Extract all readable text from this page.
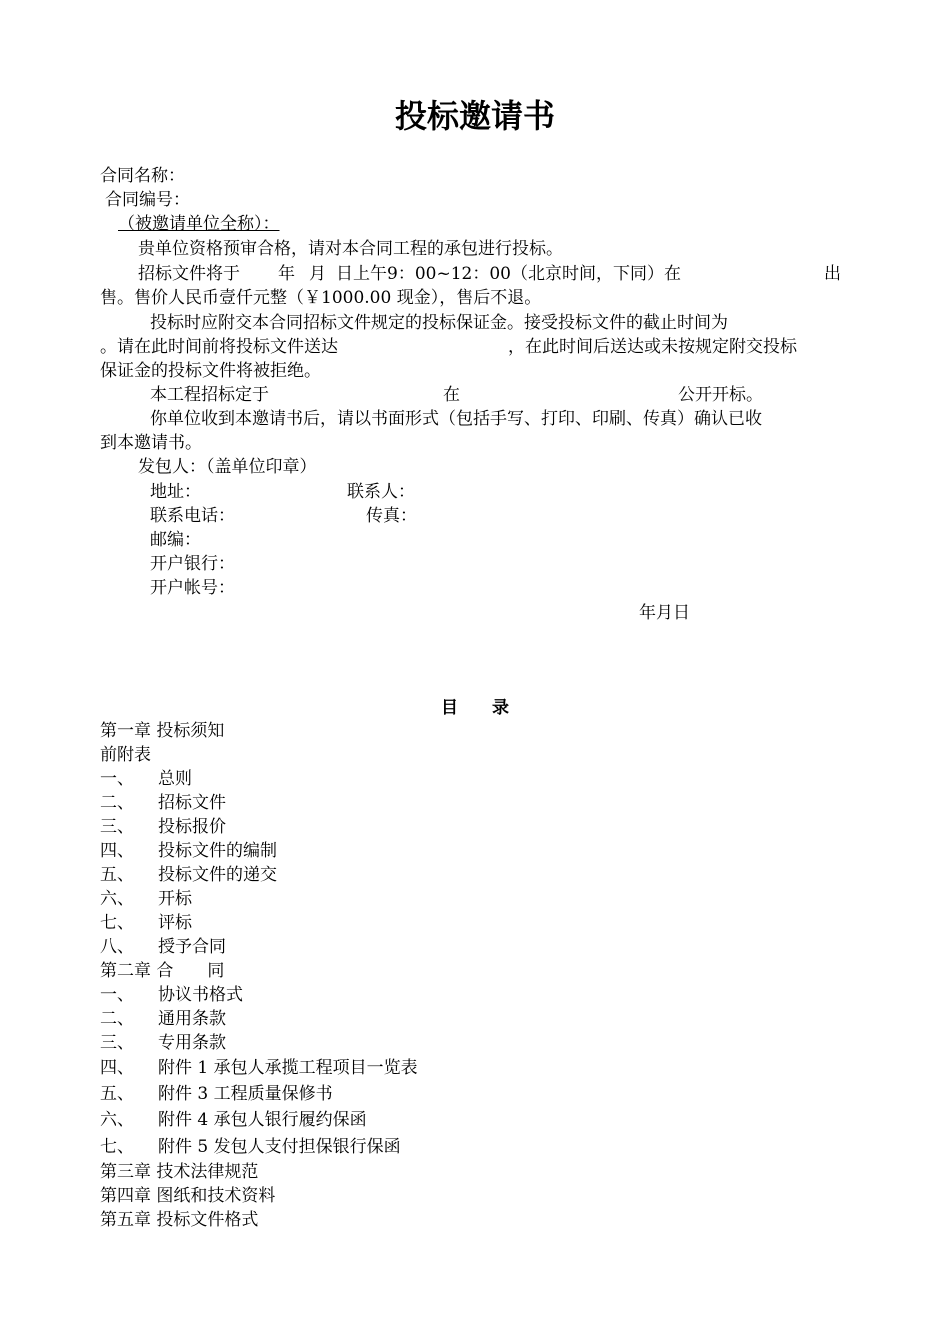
投标邀请书
合同名称：
合同编号：
（被邀请单位全称）：
贵单位资格预审合格，请对本合同工程的承包进行投标。
招标文件将于 年 月 日上午9：00~12：00（北京时间，下同）在	出
售。售价人民币壹仟元整（￥1000.00 现金），售后不退。
投标时应附交本合同招标文件规定的投标保证金。接受投标文件的截止时间为
。请在此时间前将投标文件送达	，在此时间后送达或未按规定附交投标
保证金的投标文件将被拒绝。
本工程招标定于	在	公开开标。
你单位收到本邀请书后，请以书面形式（包括手写、打印、印刷、传真）确认已收
到本邀请书。
发包人：（盖单位印章）
地址：	联系人：
联系电话：	传真：
邮编：
开户银行：
开户帐号：
年月日
目　　录
第一章 投标须知
前附表
一、 总则
二、 招标文件
三、 投标报价
四、 投标文件的编制
五、 投标文件的递交
六、 开标
七、 评标
八、 授予合同
第二章 合　　同
一、 协议书格式
二、 通用条款
三、 专用条款
四、 附件 1 承包人承揽工程项目一览表
五、 附件 3 工程质量保修书
六、 附件 4 承包人银行履约保函
七、 附件 5 发包人支付担保银行保函
第三章 技术法律规范
第四章 图纸和技术资料
第五章 投标文件格式
